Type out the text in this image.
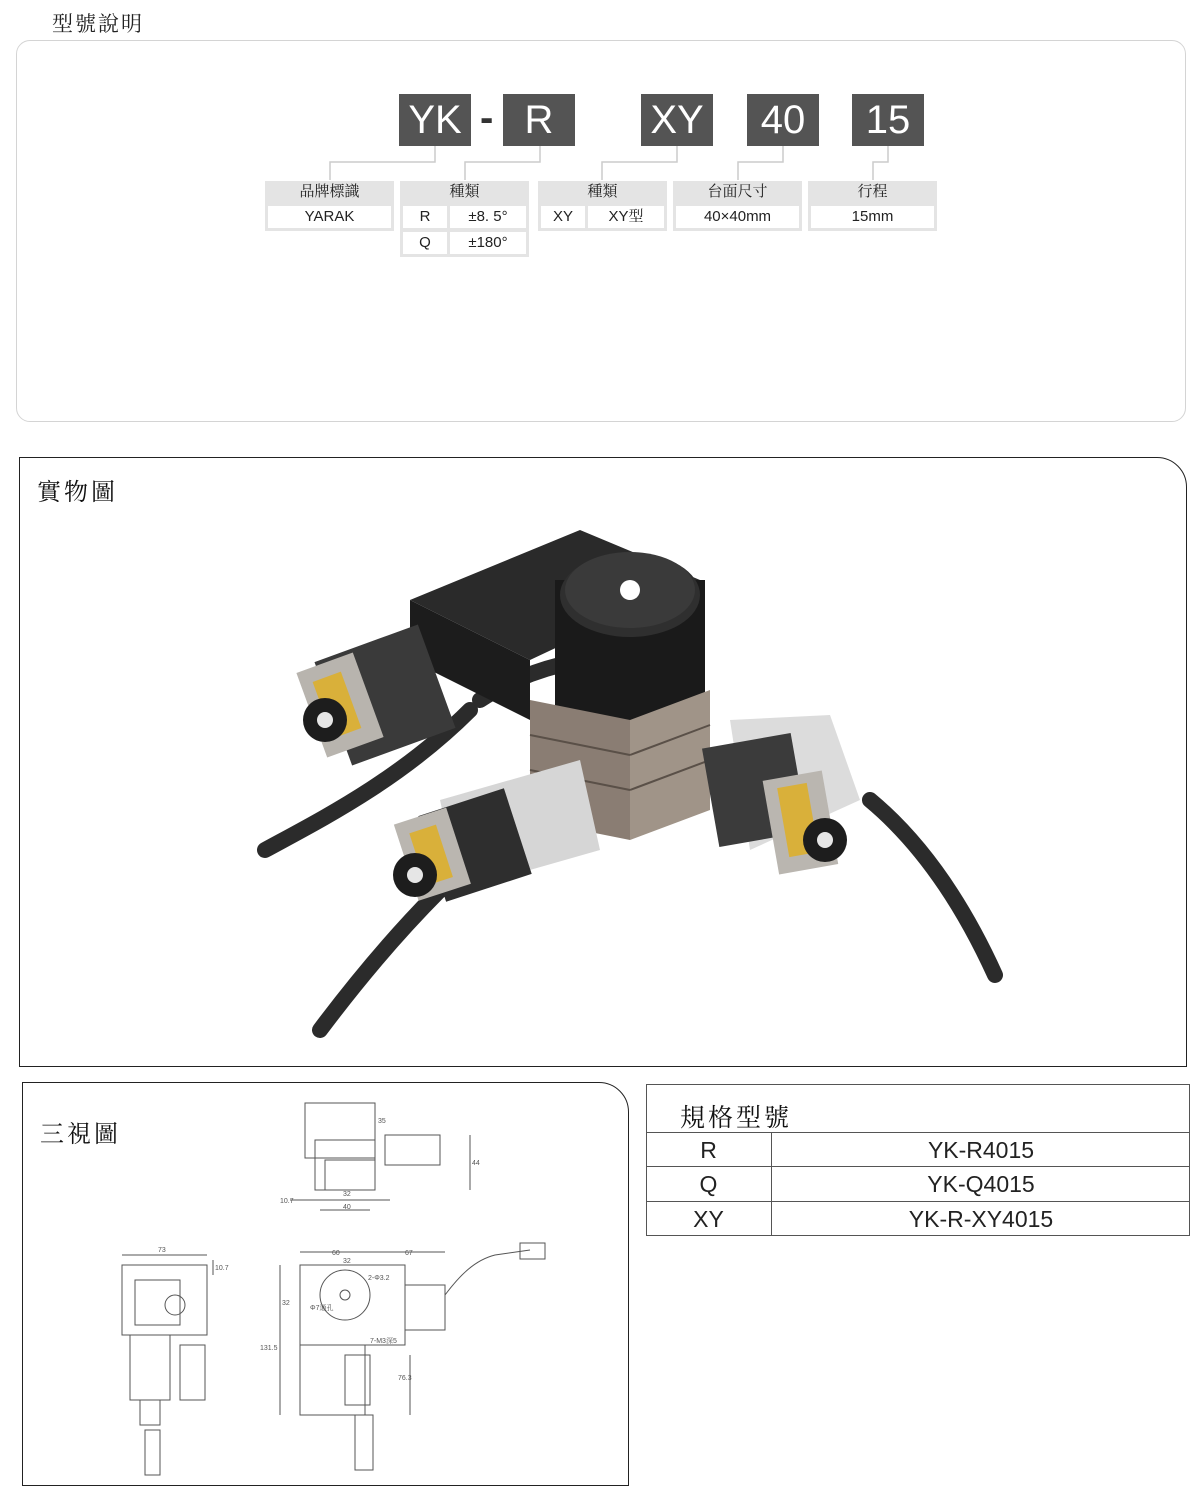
型號說明
YK - R	XY	40	15
品牌標識
YARAK
種類
R	±8. 5°
Q	±180°
種類
XY	XY型
台面尺寸
40×40mm
行程
15mm
實物圖
三視圖	35
44
10.7
32
40
73
10.7
60	67
32
32
131.5
76.3
2-Φ3.2
Φ7通孔
7-M3深5
規格型號
R	YK-R4015
Q	YK-Q4015
XY	YK-R-XY4015
